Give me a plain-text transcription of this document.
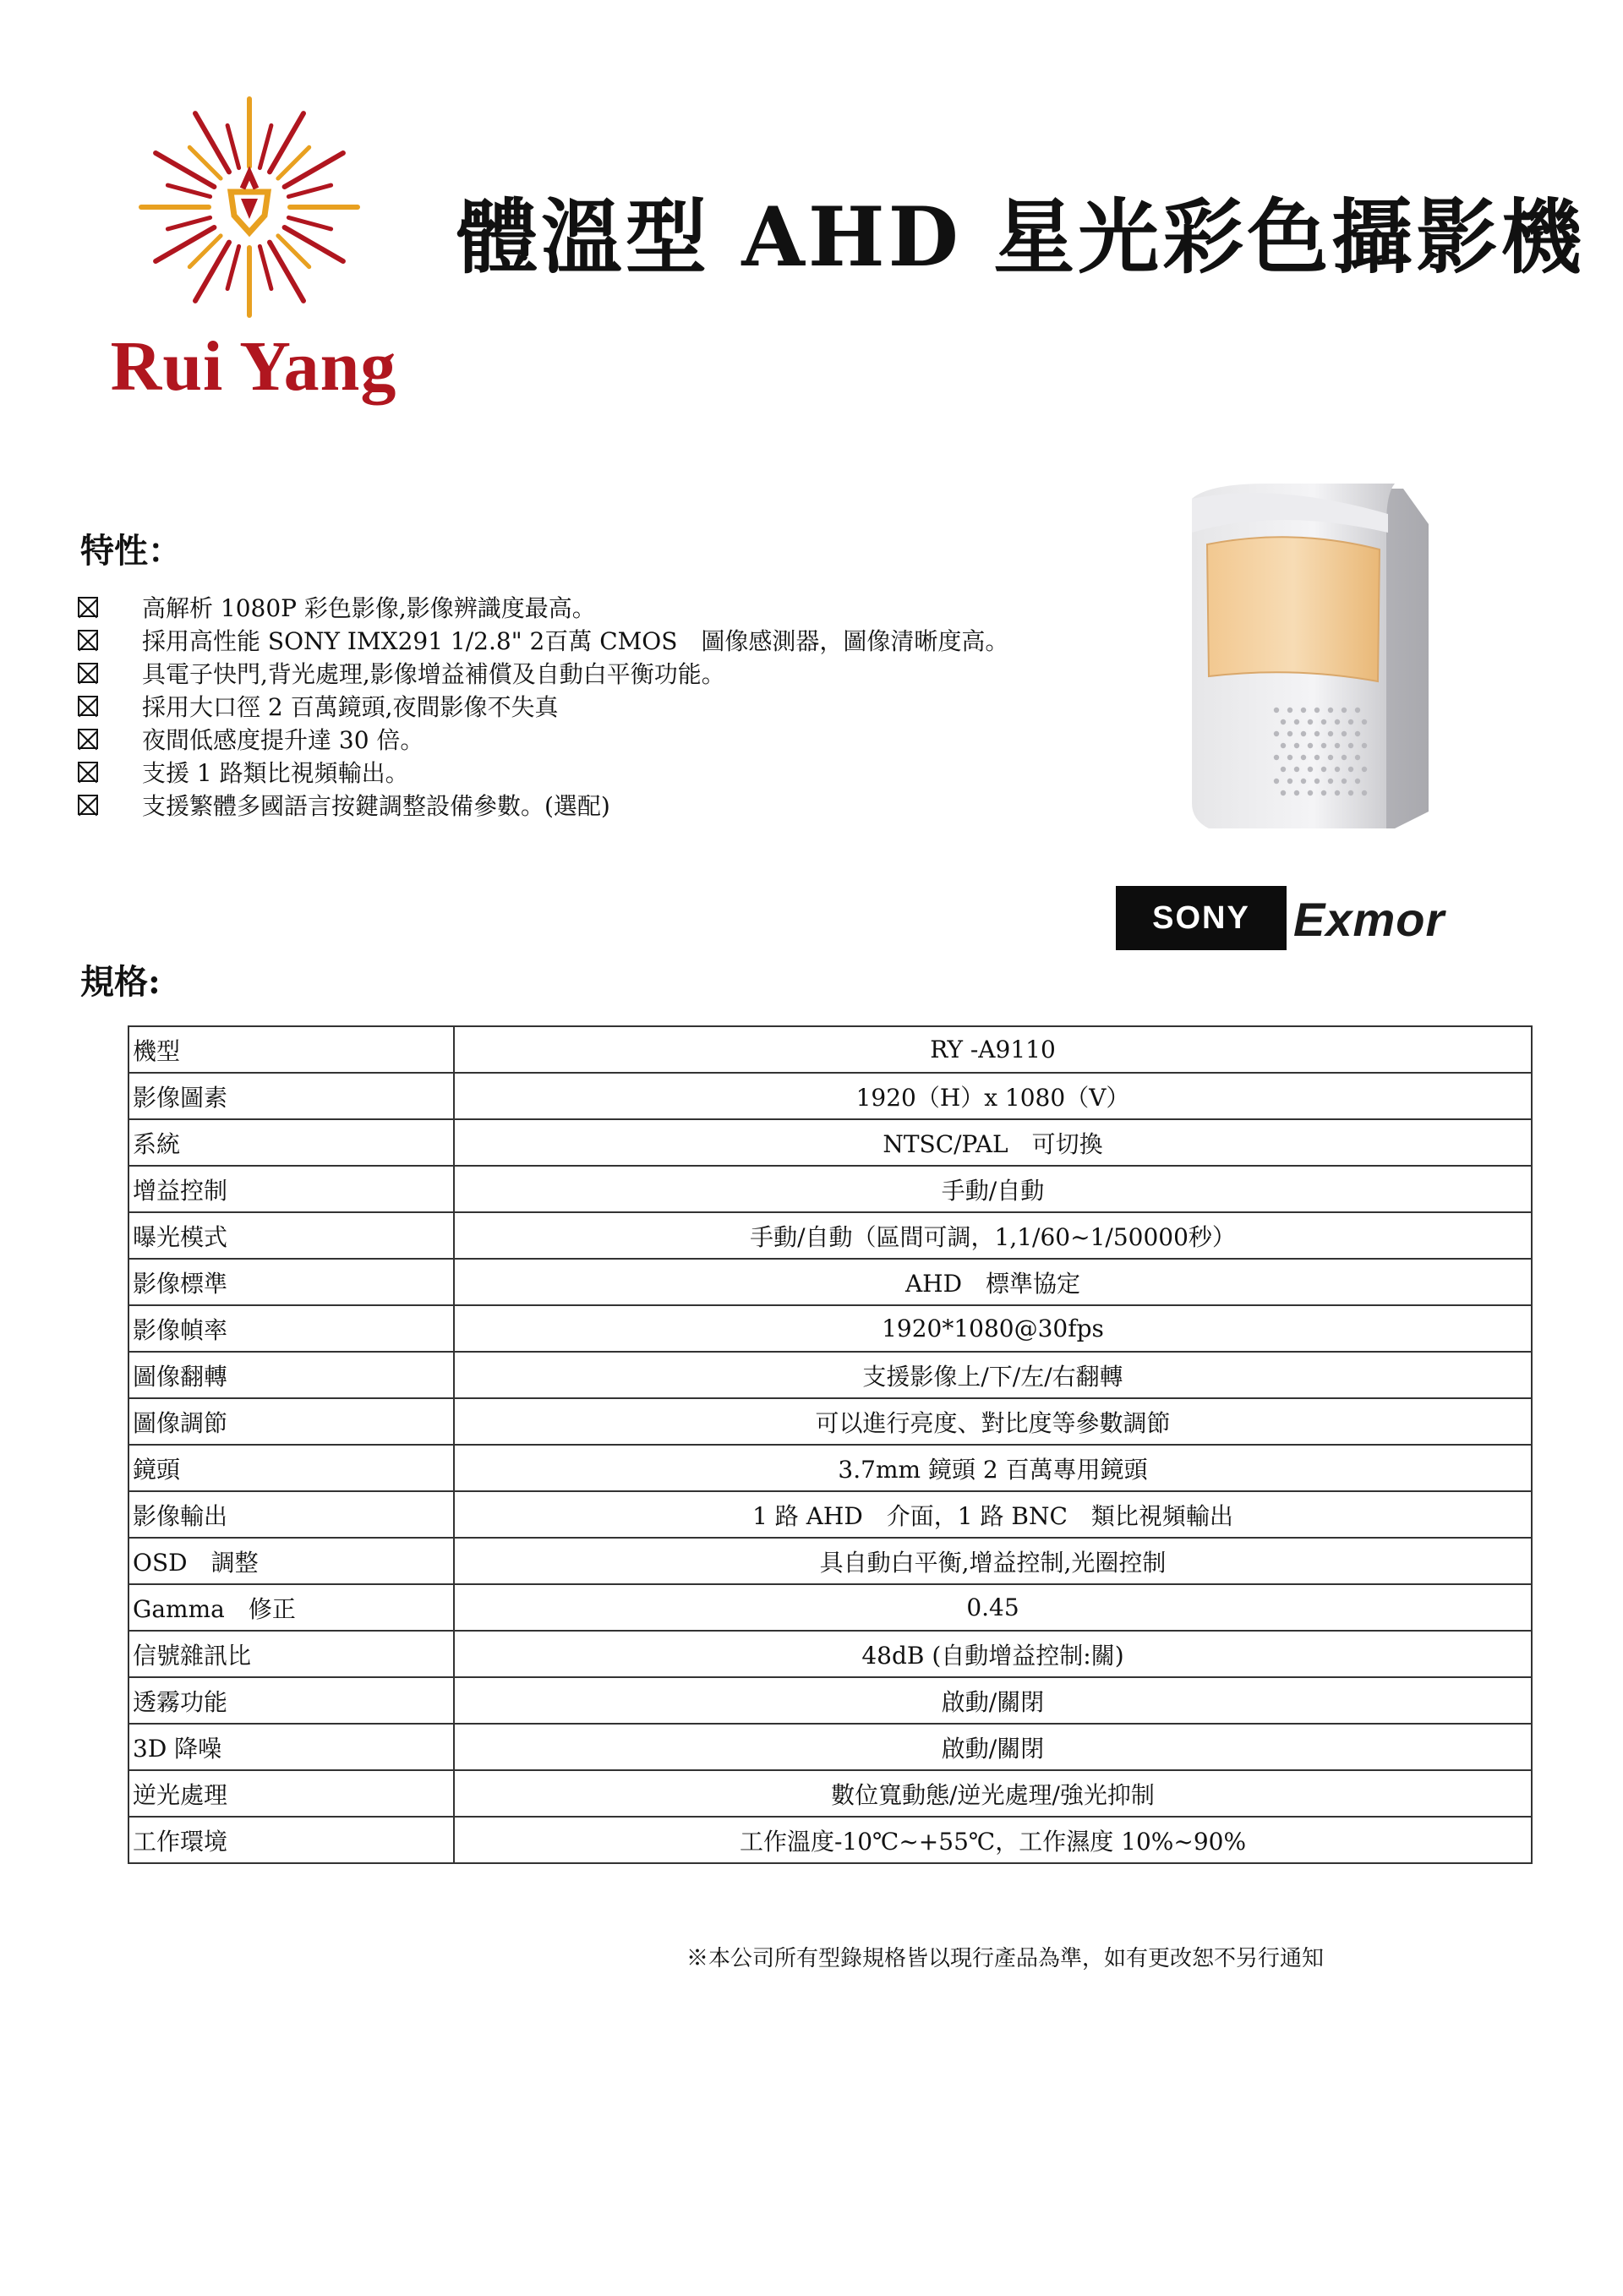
Rui Yang
體溫型 AHD 星光彩色攝影機
特性：
高解析 1080P 彩色影像,影像辨識度最高。
採用高性能 SONY IMX291 1/2.8" 2百萬 CMOS　圖像感測器，圖像清晰度高。
具電子快門,背光處理,影像增益補償及自動白平衡功能。
採用大口徑 2 百萬鏡頭,夜間影像不失真
夜間低感度提升達 30 倍。
支援 1 路類比視頻輸出。
支援繁體多國語言按鍵調整設備參數。(選配)
SONY Exmor
規格:
機型	RY -A9110
影像圖素	1920（H）x 1080（V）
系統	NTSC/PAL　可切換
增益控制	手動/自動
曝光模式	手動/自動（區間可調，1,1/60~1/50000秒）
影像標準	AHD　標準協定
影像幀率	1920*1080@30fps
圖像翻轉	支援影像上/下/左/右翻轉
圖像調節	可以進行亮度、對比度等參數調節
鏡頭	3.7mm 鏡頭 2 百萬專用鏡頭
影像輸出	1 路 AHD　介面，1 路 BNC　類比視頻輸出
OSD　調整	具自動白平衡,增益控制,光圈控制
Gamma　修正	0.45
信號雜訊比	48dB (自動增益控制:關)
透霧功能	啟動/關閉
3D 降噪	啟動/關閉
逆光處理	數位寬動態/逆光處理/強光抑制
工作環境	工作溫度-10℃~+55℃，工作濕度 10%~90%
※本公司所有型錄規格皆以現行產品為準，如有更改恕不另行通知
